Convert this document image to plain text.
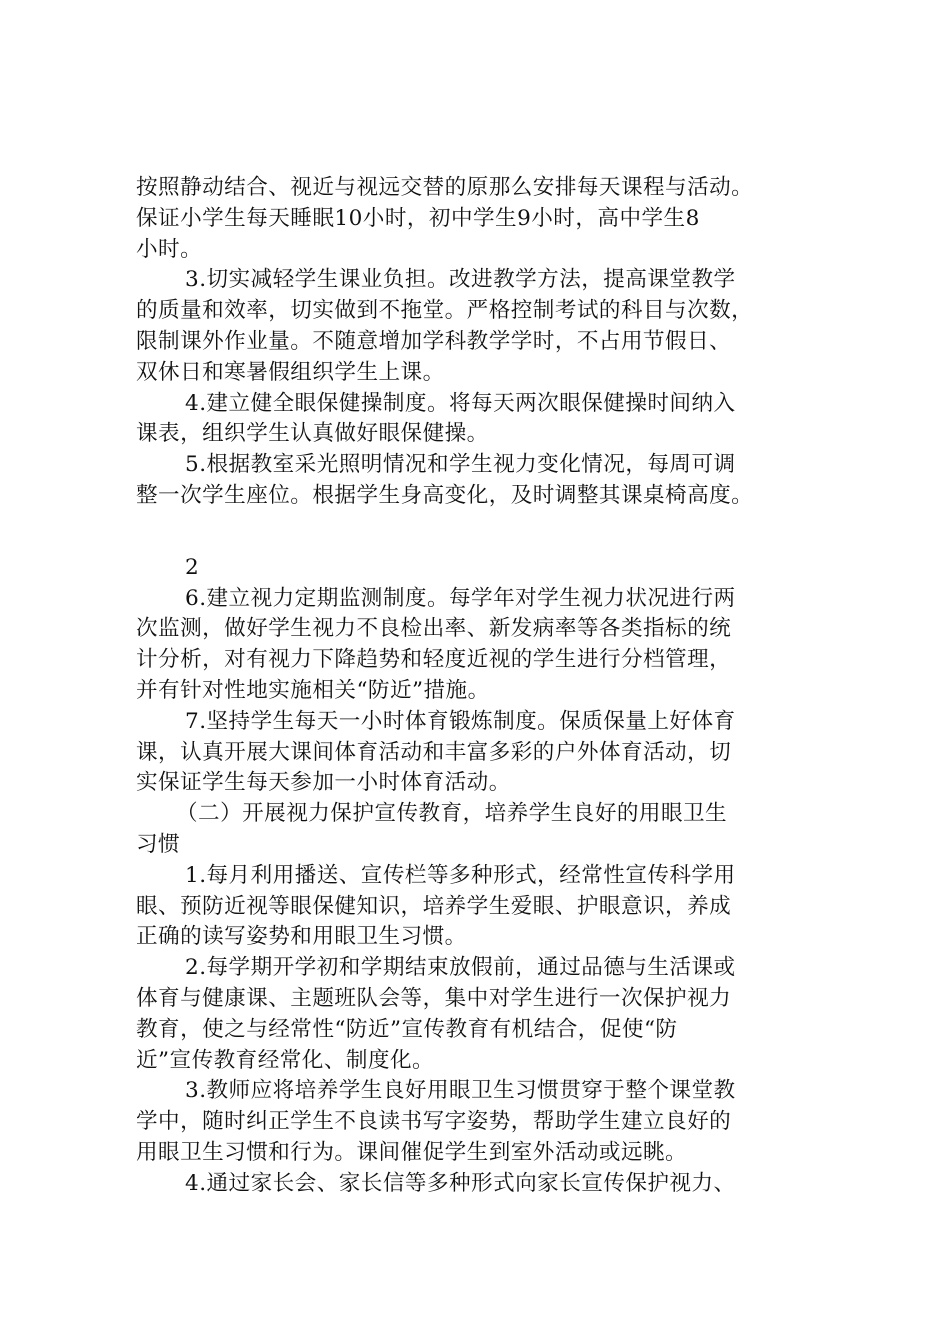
按照静动结合、视近与视远交替的原那么安排每天课程与活动。
保证小学生每天睡眠10小时，初中学生9小时，高中学生8
小时。
3.切实减轻学生课业负担。改进教学方法，提高课堂教学
的质量和效率，切实做到不拖堂。严格控制考试的科目与次数，
限制课外作业量。不随意增加学科教学学时，不占用节假日、
双休日和寒暑假组织学生上课。
4.建立健全眼保健操制度。将每天两次眼保健操时间纳入
课表，组织学生认真做好眼保健操。
5.根据教室采光照明情况和学生视力变化情况，每周可调
整一次学生座位。根据学生身高变化，及时调整其课桌椅高度。
2
6.建立视力定期监测制度。每学年对学生视力状况进行两
次监测，做好学生视力不良检出率、新发病率等各类指标的统
计分析，对有视力下降趋势和轻度近视的学生进行分档管理，
并有针对性地实施相关“防近”措施。
7.坚持学生每天一小时体育锻炼制度。保质保量上好体育
课，认真开展大课间体育活动和丰富多彩的户外体育活动，切
实保证学生每天参加一小时体育活动。
（二）开展视力保护宣传教育，培养学生良好的用眼卫生
习惯
1.每月利用播送、宣传栏等多种形式，经常性宣传科学用
眼、预防近视等眼保健知识，培养学生爱眼、护眼意识，养成
正确的读写姿势和用眼卫生习惯。
2.每学期开学初和学期结束放假前，通过品德与生活课或
体育与健康课、主题班队会等，集中对学生进行一次保护视力
教育，使之与经常性“防近”宣传教育有机结合，促使“防
近”宣传教育经常化、制度化。
3.教师应将培养学生良好用眼卫生习惯贯穿于整个课堂教
学中，随时纠正学生不良读书写字姿势，帮助学生建立良好的
用眼卫生习惯和行为。课间催促学生到室外活动或远眺。
4.通过家长会、家长信等多种形式向家长宣传保护视力、
